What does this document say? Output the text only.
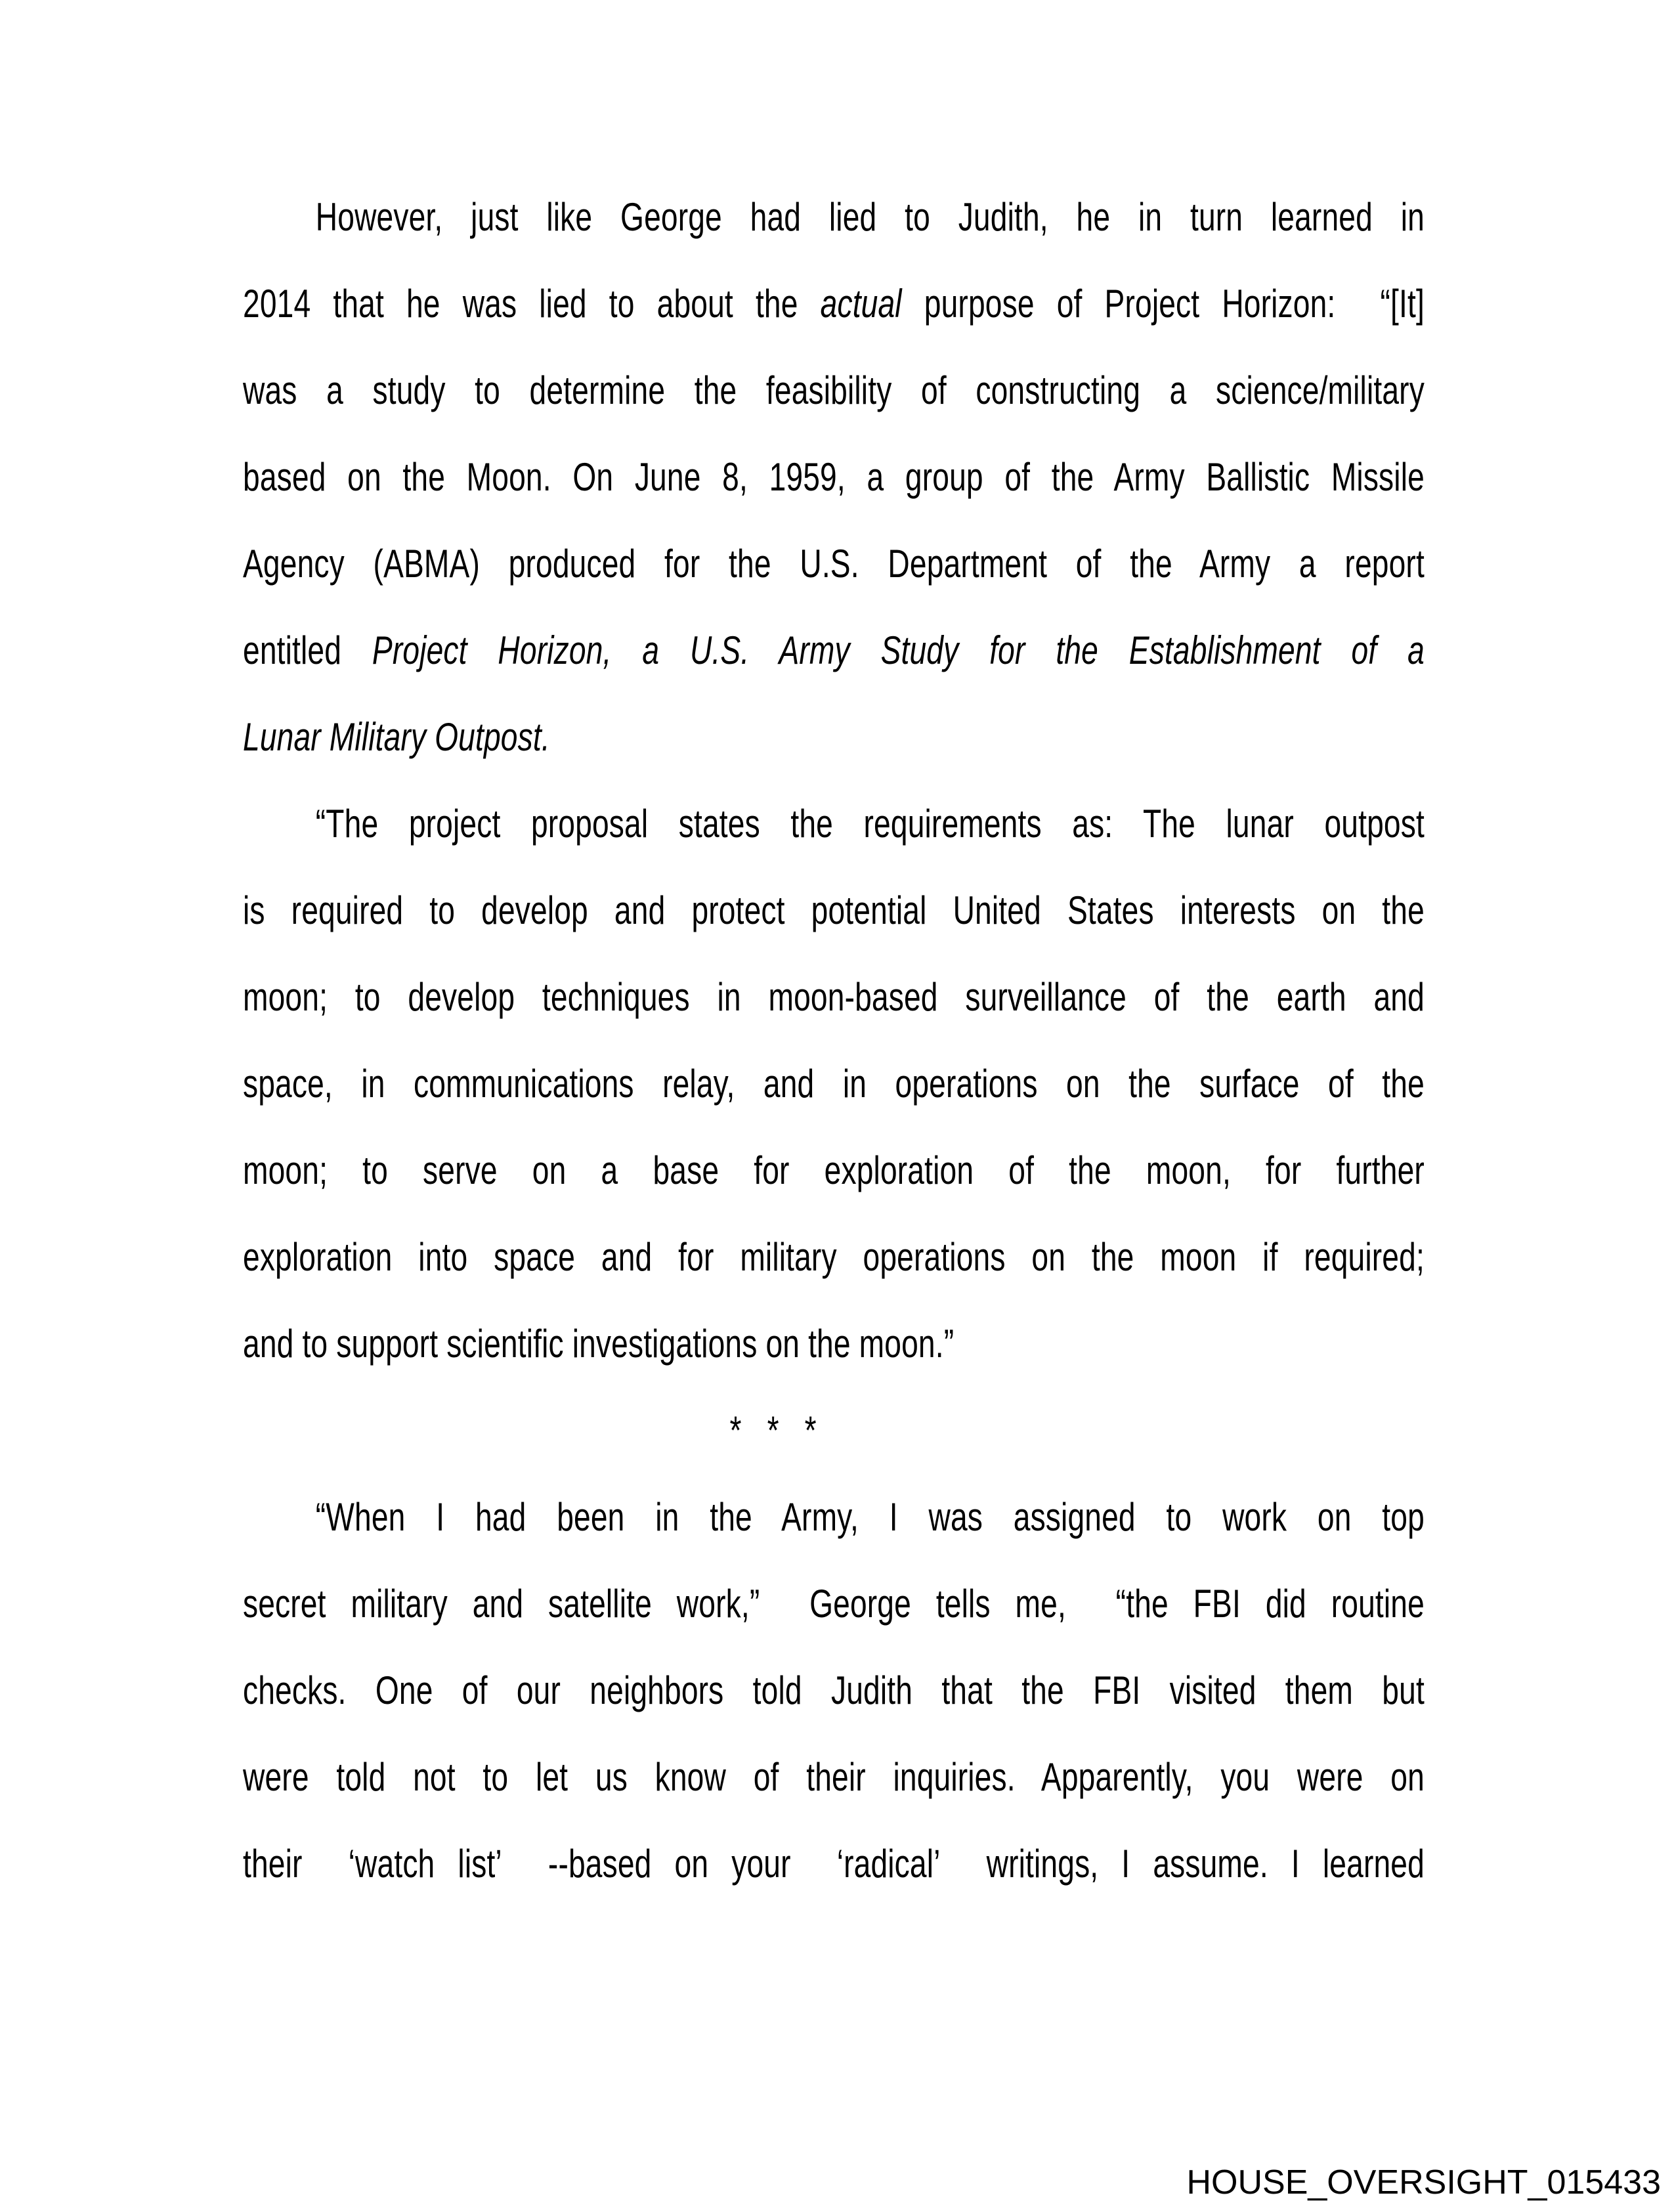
However, just like George had lied to Judith, he in turn learned in
2014 that he was lied to about the actual purpose of Project Horizon:  “[It]
was a study to determine the feasibility of constructing a science/military
based on the Moon. On June 8, 1959, a group of the Army Ballistic Missile
Agency (ABMA) produced for the U.S. Department of the Army a report
entitled Project Horizon, a U.S. Army Study for the Establishment of a
Lunar Military Outpost.
“The project proposal states the requirements as: The lunar outpost
is required to develop and protect potential United States interests on the
moon; to develop techniques in moon-based surveillance of the earth and
space, in communications relay, and in operations on the surface of the
moon; to serve on a base for exploration of the moon, for further
exploration into space and for military operations on the moon if required;
and to support scientific investigations on the moon.”
*   *   *
“When I had been in the Army, I was assigned to work on top
secret military and satellite work,”  George tells me,  “the FBI did routine
checks. One of our neighbors told Judith that the FBI visited them but
were told not to let us know of their inquiries. Apparently, you were on
their  ‘watch list’  --based on your  ‘radical’  writings, I assume. I learned
HOUSE_OVERSIGHT_015433
